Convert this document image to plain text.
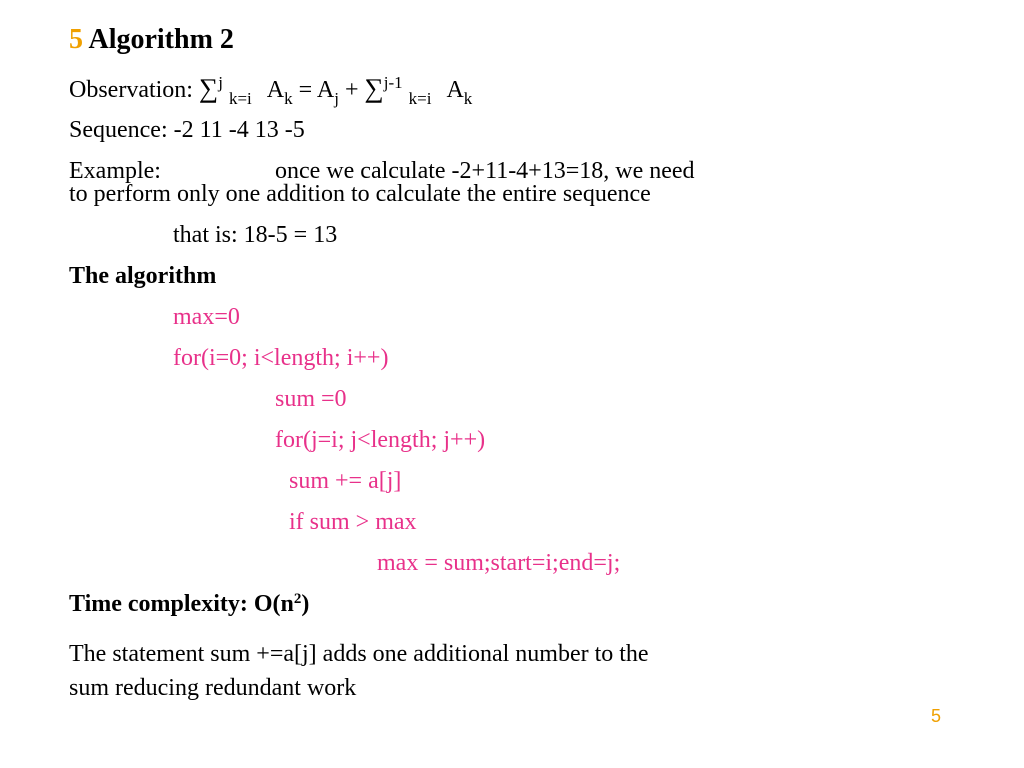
5 Algorithm 2
Observation: ∑$^j$ $_{k=i}$ $A_k = A_j + \sum^{j-1}$ $_{k=i}$ $A_k$
Sequence: -2 11 -4 13 -5
Example:	once we calculate -2+11-4+13=18, we need
to perform only one addition to calculate the entire sequence
that is: 18-5 = 13
The algorithm
max=0
for(i=0; i<length; i++)
sum =0
for(j=i; j<length; j++)
sum += a[j]
if sum > max
max = sum;start=i;end=j;
Time complexity: $O(n^2)$
The statement sum +=a[j] adds one additional number to the
sum reducing redundant work
5
